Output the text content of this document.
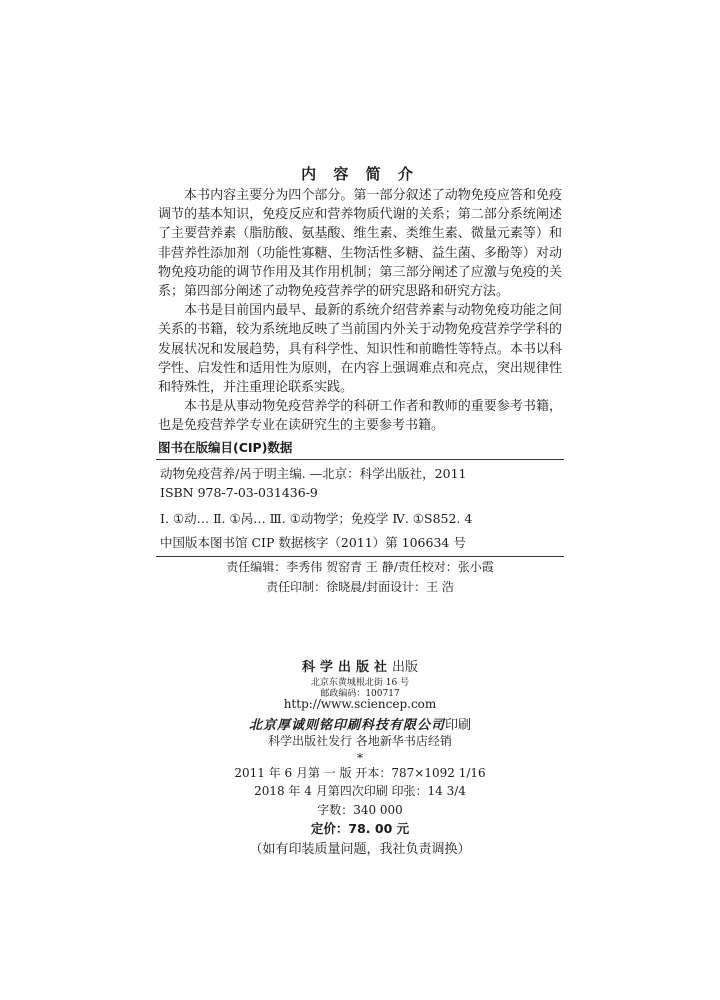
内 容 简 介

本书内容主要分为四个部分。第一部分叙述了动物免疫应答和免疫调节的基本知识，免疫反应和营养物质代谢的关系；第二部分系统阐述了主要营养素（脂肪酸、氨基酸、维生素、类维生素、微量元素等）和非营养性添加剂（功能性寡糖、生物活性多糖、益生菌、多酚等）对动物免疫功能的调节作用及其作用机制；第三部分阐述了应激与免疫的关系；第四部分阐述了动物免疫营养学的研究思路和研究方法。

本书是目前国内最早、最新的系统介绍营养素与动物免疫功能之间关系的书籍，较为系统地反映了当前国内外关于动物免疫营养学学科的发展状况和发展趋势，具有科学性、知识性和前瞻性等特点。本书以科学性、启发性和适用性为原则，在内容上强调难点和亮点，突出规律性和特殊性，并注重理论联系实践。

本书是从事动物免疫营养学的科研工作者和教师的重要参考书籍，也是免疫营养学专业在读研究生的主要参考书籍。

图书在版编目(CIP)数据
动物免疫营养/呙于明主编. —北京：科学出版社，2011
ISBN 978-7-03-031436-9
Ⅰ. ①动… Ⅱ. ①呙… Ⅲ. ①动物学；免疫学 Ⅳ. ①S852. 4
中国版本图书馆 CIP 数据核字（2011）第 106634 号
责任编辑：李秀伟 贺窑青 王 静/责任校对：张小霞
责任印制：徐晓晨/封面设计：王 浩
科学出版社出版
北京东黄城根北街 16 号
邮政编码：100717
http://www.sciencep.com
北京厚诚则铭印刷科技有限公司印刷
科学出版社发行 各地新华书店经销
*
2011 年 6 月第 一 版 开本：787×1092 1/16
2018 年 4 月第四次印刷 印张：14 3/4
字数：340 000
定价：78. 00 元
（如有印装质量问题，我社负责调换）
